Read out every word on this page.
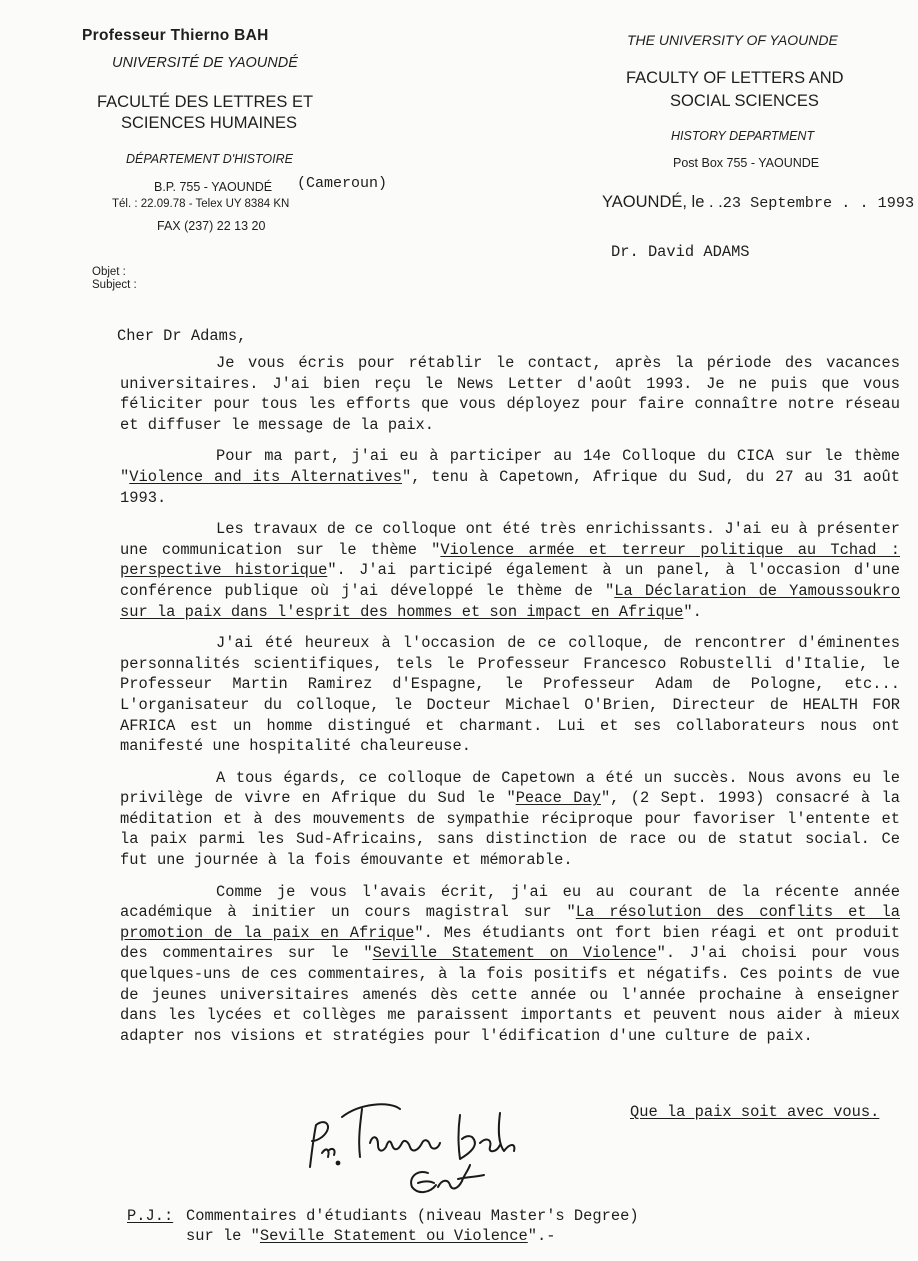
Professeur Thierno BAH
UNIVERSITÉ DE YAOUNDÉ
FACULTÉ DES LETTRES ET
SCIENCES HUMAINES
DÉPARTEMENT D'HISTOIRE
B.P. 755 - YAOUNDÉ (Cameroun)
Tél. : 22.09.78 - Telex UY 8384 KN
FAX (237) 22 13 20
THE UNIVERSITY OF YAOUNDE
FACULTY OF LETTERS AND
SOCIAL SCIENCES
HISTORY DEPARTMENT
Post Box 755 - YAOUNDE
YAOUNDÉ, le . .23 Septembre . . 1993
Dr. David ADAMS
Objet :
Subject :
Cher Dr Adams,

Je vous écris pour rétablir le contact, après la période des vacances universitaires. J'ai bien reçu le News Letter d'août 1993. Je ne puis que vous féliciter pour tous les efforts que vous déployez pour faire connaître notre réseau et diffuser le message de la paix.

Pour ma part, j'ai eu à participer au 14e Colloque du CICA sur le thème "Violence and its Alternatives", tenu à Capetown, Afrique du Sud, du 27 au 31 août 1993.

Les travaux de ce colloque ont été très enrichissants. J'ai eu à présenter une communication sur le thème "Violence armée et terreur politique au Tchad : perspective historique". J'ai participé également à un panel, à l'occasion d'une conférence publique où j'ai développé le thème de "La Déclaration de Yamoussoukro sur la paix dans l'esprit des hommes et son impact en Afrique".

J'ai été heureux à l'occasion de ce colloque, de rencontrer d'éminentes personnalités scientifiques, tels le Professeur Francesco Robustelli d'Italie, le Professeur Martin Ramirez d'Espagne, le Professeur Adam de Pologne, etc... L'organisateur du colloque, le Docteur Michael O'Brien, Directeur de HEALTH FOR AFRICA est un homme distingué et charmant. Lui et ses collaborateurs nous ont manifesté une hospitalité chaleureuse.

A tous égards, ce colloque de Capetown a été un succès. Nous avons eu le privilège de vivre en Afrique du Sud le "Peace Day", (2 Sept. 1993) consacré à la méditation et à des mouvements de sympathie réciproque pour favoriser l'entente et la paix parmi les Sud-Africains, sans distinction de race ou de statut social. Ce fut une journée à la fois émouvante et mémorable.

Comme je vous l'avais écrit, j'ai eu au courant de la récente année académique à initier un cours magistral sur "La résolution des conflits et la promotion de la paix en Afrique". Mes étudiants ont fort bien réagi et ont produit des commentaires sur le "Seville Statement on Violence". J'ai choisi pour vous quelques-uns de ces commentaires, à la fois positifs et négatifs. Ces points de vue de jeunes universitaires amenés dès cette année ou l'année prochaine à enseigner dans les lycées et collèges me paraissent importants et peuvent nous aider à mieux adapter nos visions et stratégies pour l'édification d'une culture de paix.

Que la paix soit avec vous.
P.J.: Commentaires d'étudiants (niveau Master's Degree)
sur le "Seville Statement ou Violence".-
